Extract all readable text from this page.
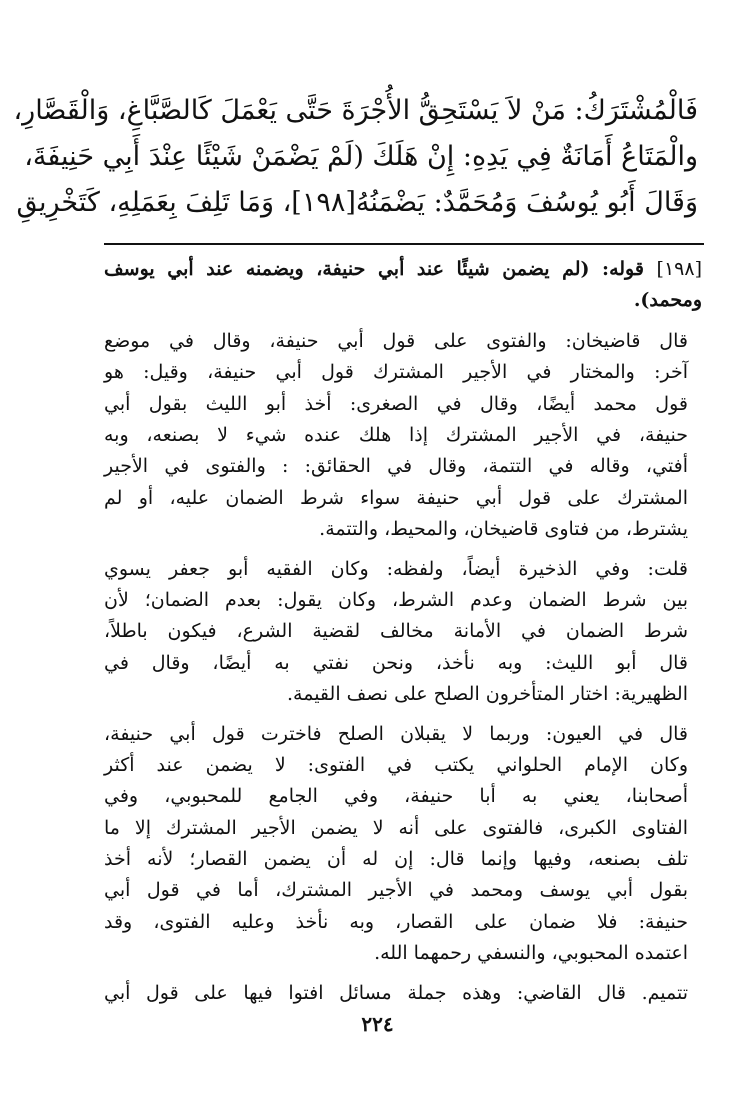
فَالْمُشْتَرَكُ: مَنْ لاَ يَسْتَحِقُّ الأُجْرَةَ حَتَّى يَعْمَلَ كَالصَّبَّاغِ، وَالْقَصَّارِ،
والْمَتَاعُ أَمَانَةٌ فِي يَدِهِ: إِنْ هَلَكَ (لَمْ يَضْمَنْ شَيْئًا عِنْدَ أَبِي حَنِيفَةَ،
وَقَالَ أَبُو يُوسُفَ وَمُحَمَّدٌ: يَضْمَنُهُ[١٩٨]، وَمَا تَلِفَ بِعَمَلِهِ، كَتَخْرِيقِ

[١٩٨] قوله: (لم يضمن شيئًا عند أبي حنيفة، ويضمنه عند أبي يوسف ومحمد).

قال قاضيخان: والفتوى على قول أبي حنيفة، وقال في موضع
آخر: والمختار في الأجير المشترك قول أبي حنيفة، وقيل: هو
قول محمد أيضًا، وقال في الصغرى: أخذ أبو الليث بقول أبي
حنيفة، في الأجير المشترك إذا هلك عنده شيء لا بصنعه، وبه
أفتي، وقاله في التتمة، وقال في الحقائق: : والفتوى في الأجير
المشترك على قول أبي حنيفة سواء شرط الضمان عليه، أو لم
يشترط، من فتاوى قاضيخان، والمحيط، والتتمة.
قلت: وفي الذخيرة أيضاً، ولفظه: وكان الفقيه أبو جعفر يسوي
بين شرط الضمان وعدم الشرط، وكان يقول: بعدم الضمان؛ لأن
شرط الضمان في الأمانة مخالف لقضية الشرع، فيكون باطلاً،
قال أبو الليث: وبه نأخذ، ونحن نفتي به أيضًا، وقال في
الظهيرية: اختار المتأخرون الصلح على نصف القيمة.
قال في العيون: وربما لا يقبلان الصلح فاخترت قول أبي حنيفة،
وكان الإمام الحلواني يكتب في الفتوى: لا يضمن عند أكثر
أصحابنا، يعني به أبا حنيفة، وفي الجامع للمحبوبي، وفي
الفتاوى الكبرى، فالفتوى على أنه لا يضمن الأجير المشترك إلا ما
تلف بصنعه، وفيها وإنما قال: إن له أن يضمن القصار؛ لأنه أخذ
بقول أبي يوسف ومحمد في الأجير المشترك، أما في قول أبي
حنيفة: فلا ضمان على القصار، وبه نأخذ وعليه الفتوى، وقد
اعتمده المحبوبي، والنسفي رحمهما الله.
تتميم. قال القاضي: وهذه جملة مسائل افتوا فيها على قول أبي
٢٢٤
